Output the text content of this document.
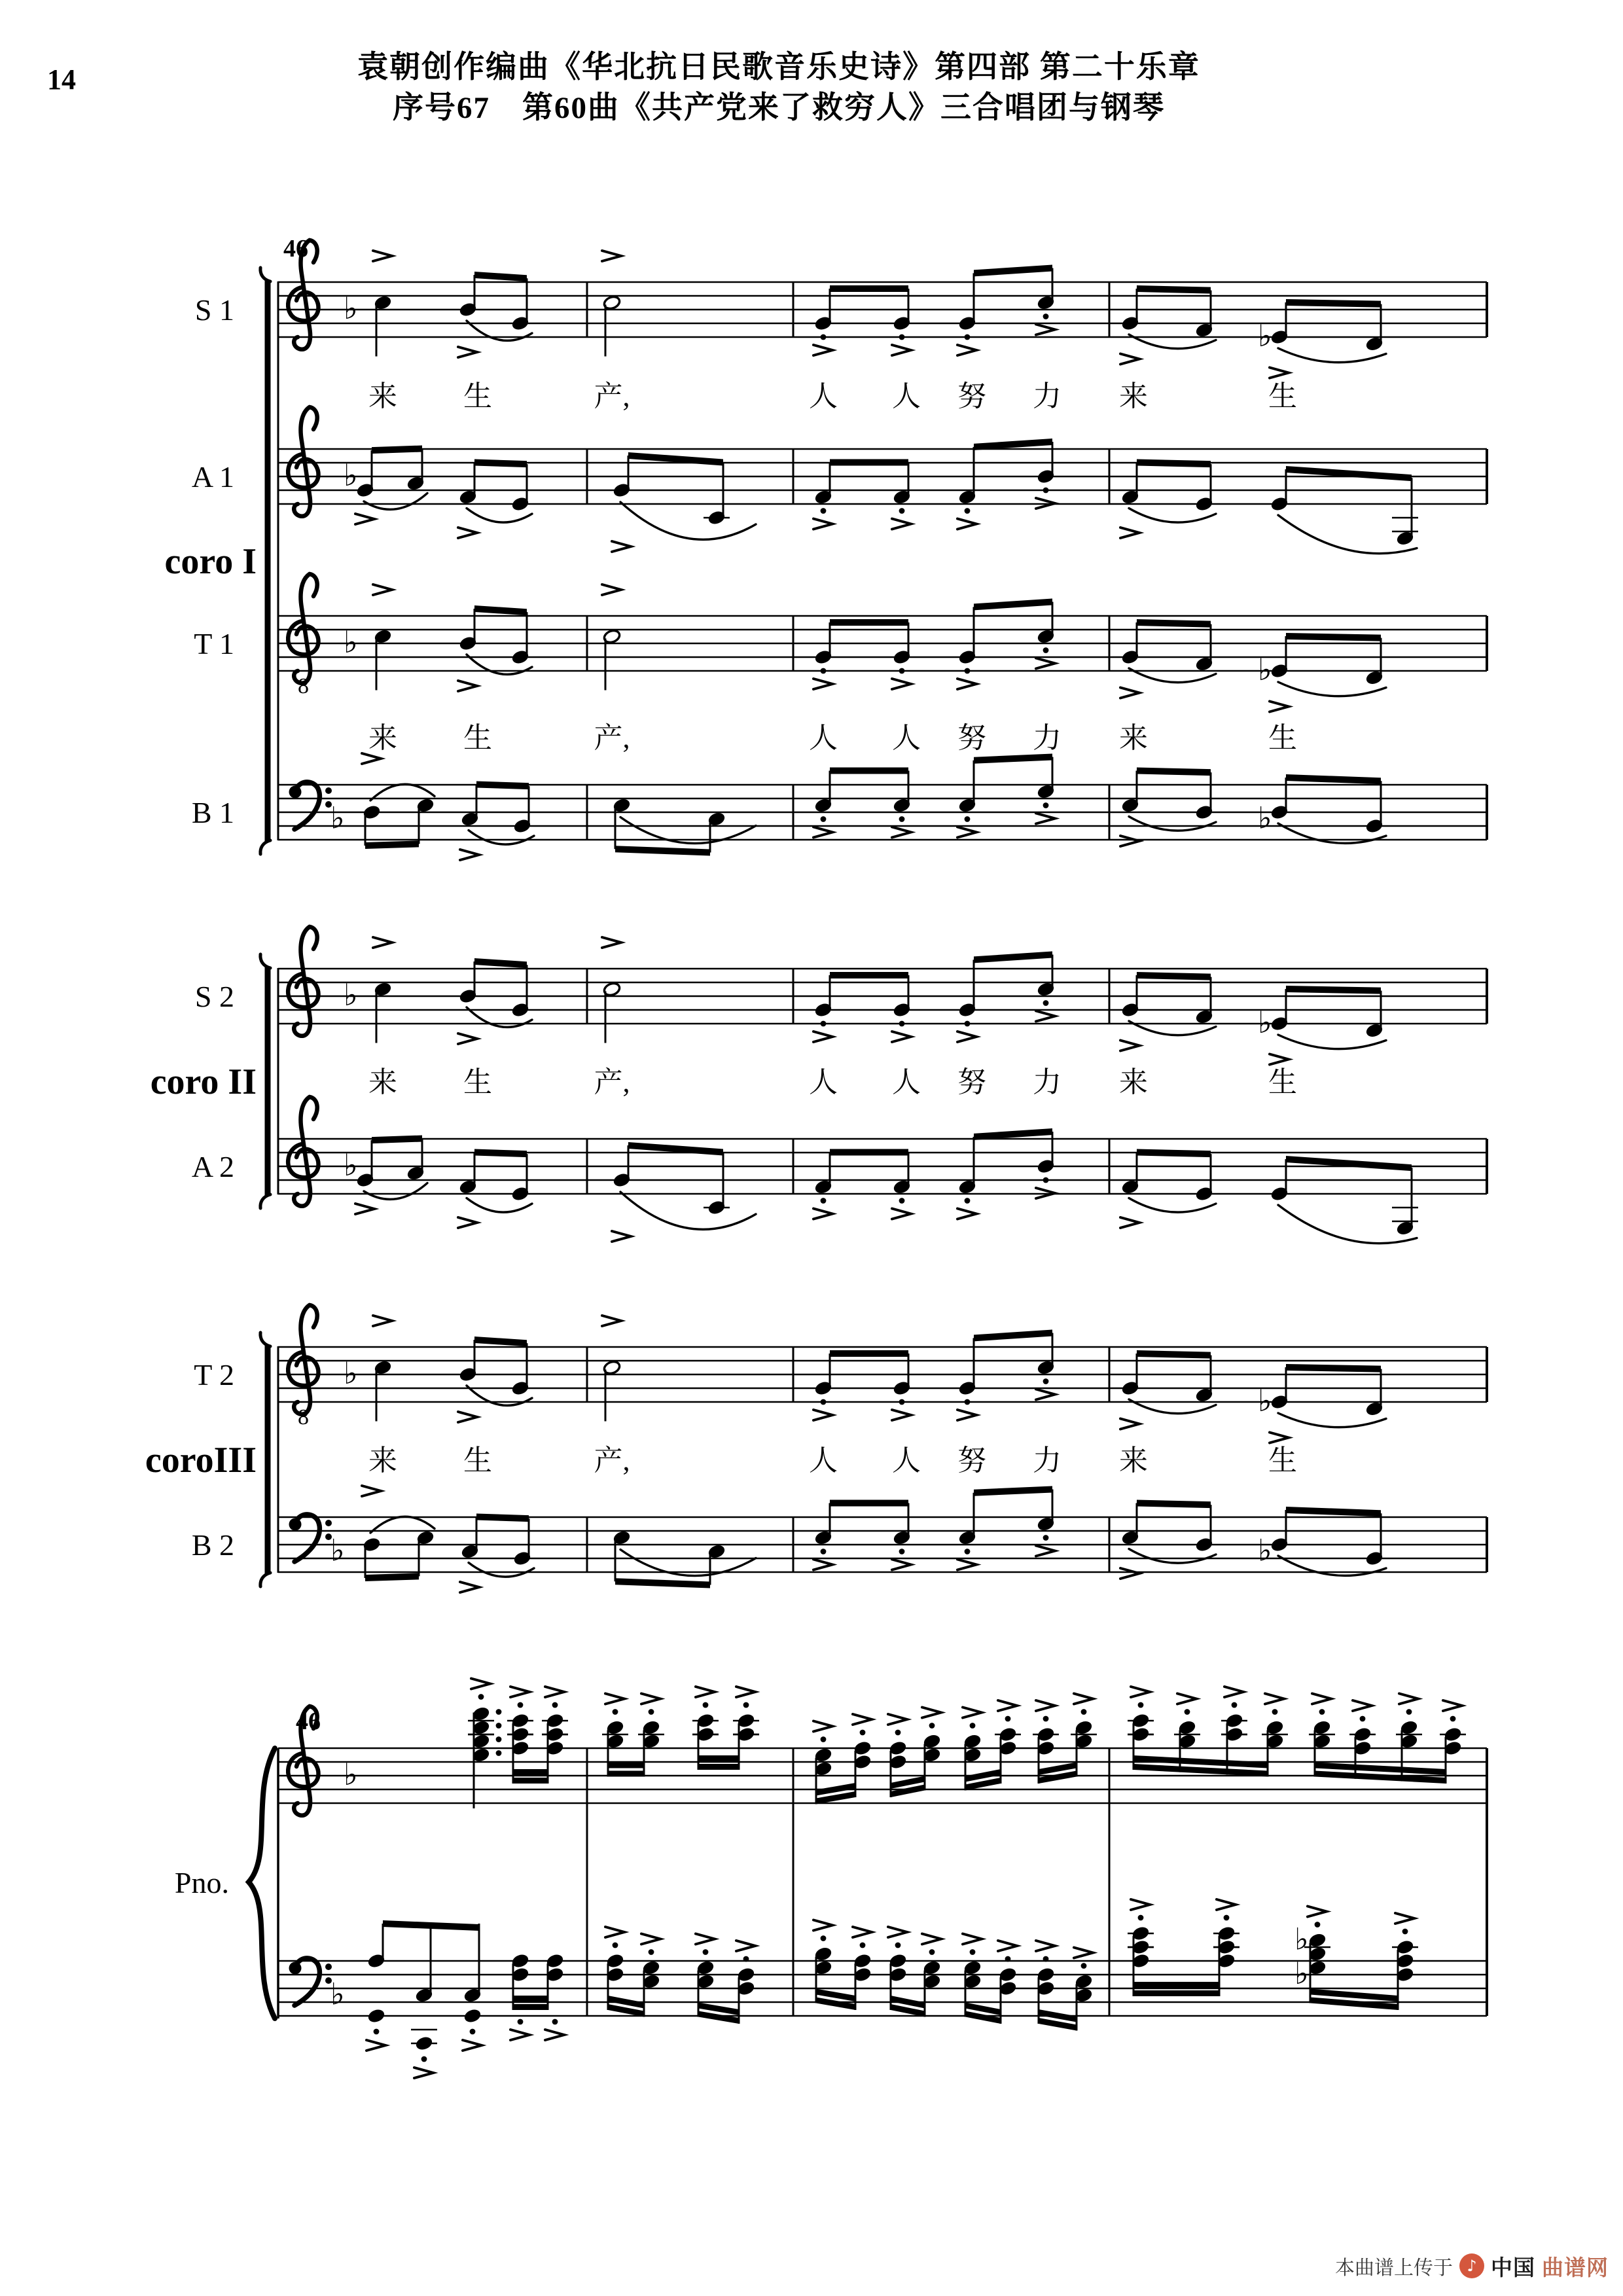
14	袁朝创作编曲《华北抗日民歌音乐史诗》第四部 第二十乐章
序号67　第60曲《共产党来了救穷人》三合唱团与钢琴
♭
S 1
♭
A 1
8
♭
T 1
♭
B 1
♭
S 2
♭
A 2
8
♭
T 2
♭
B 2
♭
♭
46
46
coro I
coro II
coroIII
Pno.
来 生	产,	人 人 努 力 来	生
来 生	产,	人 人 努 力 来	生
来 生	产,	人 人 努 力 来	生
来 生	产,	人 人 努 力 来	生
♭
♭
♭
♭
♭
♭
♭
♭
本曲谱上传于 ♪ 中国 曲谱网
